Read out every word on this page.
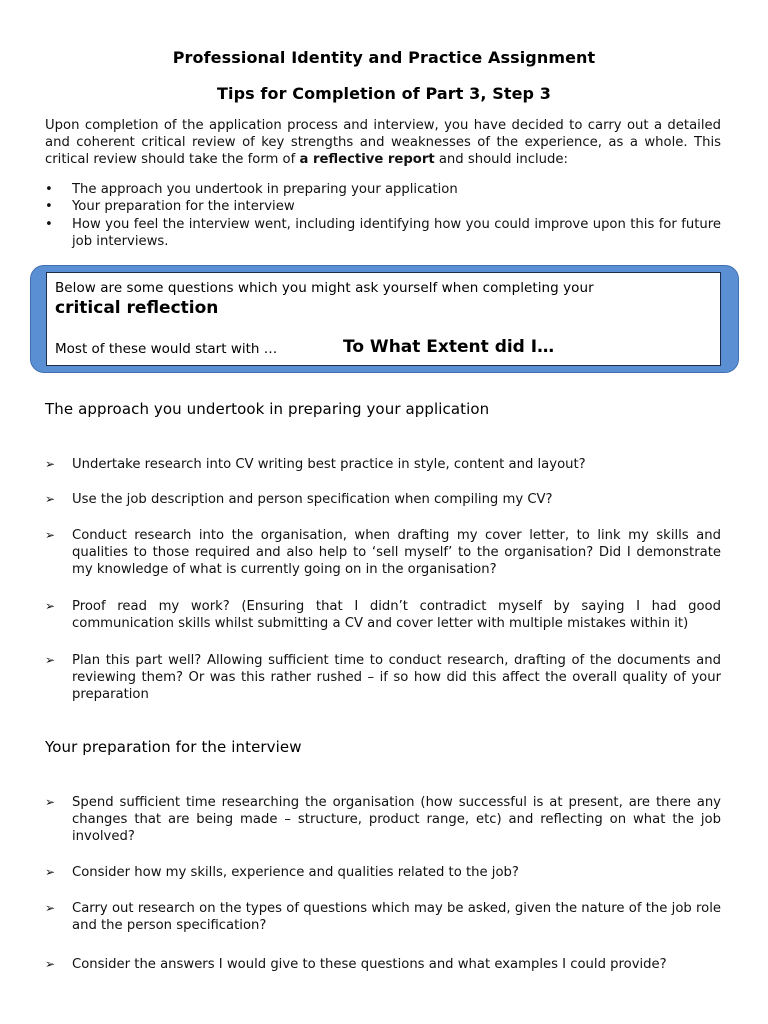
Professional Identity and Practice Assignment
Tips for Completion of Part 3, Step 3
Upon completion of the application process and interview, you have decided to carry out a detailed and coherent critical review of key strengths and weaknesses of the experience, as a whole. This critical review should take the form of a reflective report and should include:
• The approach you undertook in preparing your application
• Your preparation for the interview
• How you feel the interview went, including identifying how you could improve upon this for future job interviews.
Below are some questions which you might ask yourself when completing your
critical reflection
Most of these would start with …	To What Extent did I…
The approach you undertook in preparing your application
➢ Undertake research into CV writing best practice in style, content and layout?
➢ Use the job description and person specification when compiling my CV?
➢ Conduct research into the organisation, when drafting my cover letter, to link my skills and qualities to those required and also help to ‘sell myself’ to the organisation? Did I demonstrate my knowledge of what is currently going on in the organisation?
➢ Proof read my work? (Ensuring that I didn’t contradict myself by saying I had good communication skills whilst submitting a CV and cover letter with multiple mistakes within it)
➢ Plan this part well? Allowing sufficient time to conduct research, drafting of the documents and reviewing them? Or was this rather rushed – if so how did this affect the overall quality of your preparation
Your preparation for the interview
➢ Spend sufficient time researching the organisation (how successful is at present, are there any changes that are being made – structure, product range, etc) and reflecting on what the job involved?
➢ Consider how my skills, experience and qualities related to the job?
➢ Carry out research on the types of questions which may be asked, given the nature of the job role and the person specification?
➢ Consider the answers I would give to these questions and what examples I could provide?
